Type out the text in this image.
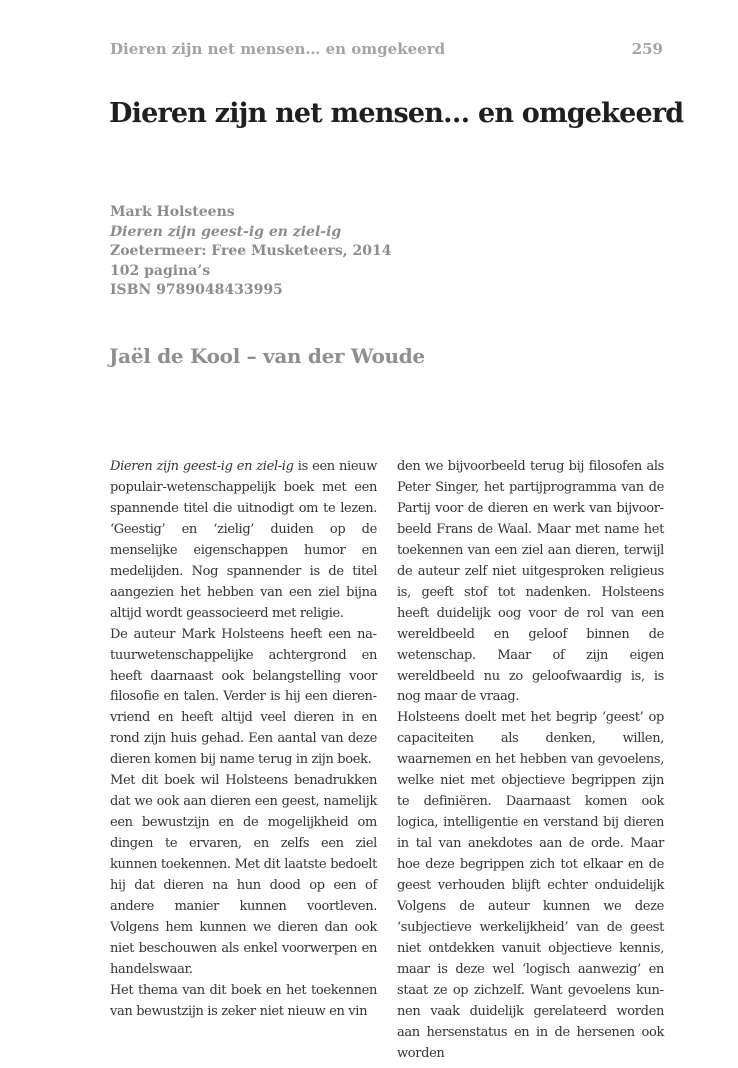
Dieren zijn net mensen… en omgekeerd	259
Dieren zijn net mensen… en omgekeerd
Mark Holsteens
Dieren zijn geest-ig en ziel-ig
Zoetermeer: Free Musketeers, 2014
102 pagina’s
ISBN 9789048433995
Jaël de Kool – van der Woude

Dieren zijn geest-ig en ziel-ig is een nieuw populair-wetenschappelijk boek met een spannende titel die uitnodigt om te lezen. ‘Geestig’ en ‘zielig’ duiden op de menselijke eigenschappen humor en medelijden. Nog spannender is de titel aangezien het hebben van een ziel bijna altijd wordt geassocieerd met religie.

De auteur Mark Holsteens heeft een natuurwetenschappelijke achtergrond en heeft daarnaast ook belangstelling voor filosofie en talen. Verder is hij een dierenvriend en heeft altijd veel dieren in en rond zijn huis gehad. Een aantal van deze dieren komen bij name terug in zijn boek.

Met dit boek wil Holsteens benadrukken dat we ook aan dieren een geest, namelijk een bewustzijn en de mogelijkheid om dingen te ervaren, en zelfs een ziel kunnen toekennen. Met dit laatste bedoelt hij dat dieren na hun dood op een of andere manier kunnen voortleven. Volgens hem kunnen we dieren dan ook niet beschouwen als enkel voorwerpen en handelswaar.

Het thema van dit boek en het toekennen van bewustzijn is zeker niet nieuw en vin

den we bijvoorbeeld terug bij filosofen als Peter Singer, het partijprogramma van de Partij voor de dieren en werk van bijvoorbeeld Frans de Waal. Maar met name het toekennen van een ziel aan dieren, terwijl de auteur zelf niet uitgesproken religieus is, geeft stof tot nadenken. Holsteens heeft duidelijk oog voor de rol van een wereldbeeld en geloof binnen de wetenschap. Maar of zijn eigen wereldbeeld nu zo geloofwaardig is, is nog maar de vraag.

Holsteens doelt met het begrip ‘geest’ op capaciteiten als denken, willen, waarnemen en het hebben van gevoelens, welke niet met objectieve begrippen zijn te definiëren. Daarnaast komen ook logica, intelligentie en verstand bij dieren in tal van anekdotes aan de orde. Maar hoe deze begrippen zich tot elkaar en de geest verhouden blijft echter onduidelijk Volgens de auteur kunnen we deze ‘subjectieve werkelijkheid’ van de geest niet ontdekken vanuit objectieve kennis, maar is deze wel ‘logisch aanwezig’ en staat ze op zichzelf. Want gevoelens kunnen vaak duidelijk gerelateerd worden aan hersenstatus en in de hersenen ook worden
